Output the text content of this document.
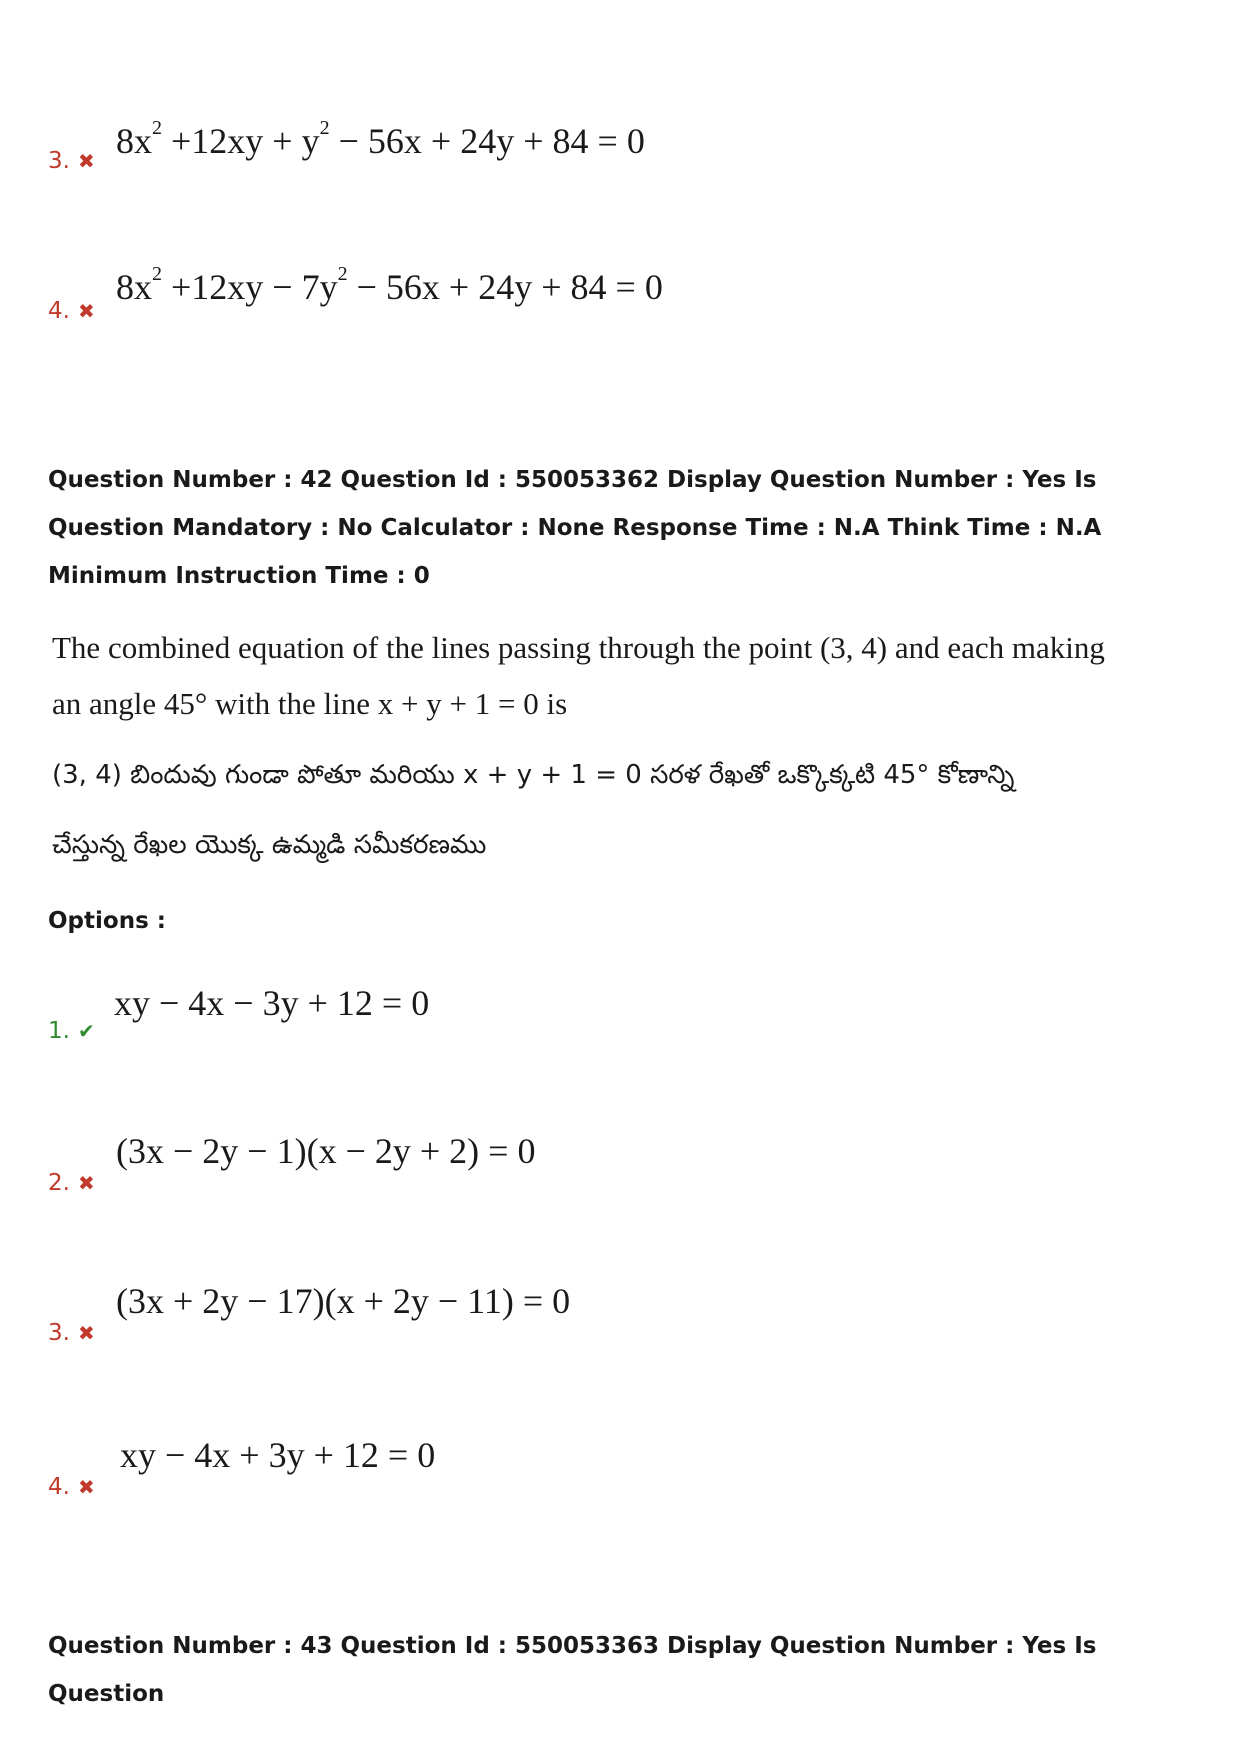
$8x^2 +12xy + y^2 - 56x + 24y + 84 = 0$
3. ✖
$8x^2 +12xy - 7y^2 - 56x + 24y + 84 = 0$
4. ✖

Question Number : 42 Question Id : 550053362 Display Question Number : Yes Is Question Mandatory : No Calculator : None Response Time : N.A Think Time : N.A Minimum Instruction Time : 0

The combined equation of the lines passing through the point (3, 4) and each making
an angle 45° with the line x + y + 1 = 0 is
(3, 4) బిందువు గుండా పోతూ మరియు x + y + 1 = 0 సరళ రేఖతో ఒక్కొక్కటి 45° కోణాన్ని
చేస్తున్న రేఖల యొక్క ఉమ్మడి సమీకరణము
Options :
xy − 4x − 3y + 12 = 0
1. ✔
(3x − 2y − 1)(x − 2y + 2) = 0
2. ✖
(3x + 2y − 17)(x + 2y − 11) = 0
3. ✖
xy − 4x + 3y + 12 = 0
4. ✖

Question Number : 43 Question Id : 550053363 Display Question Number : Yes Is Question
